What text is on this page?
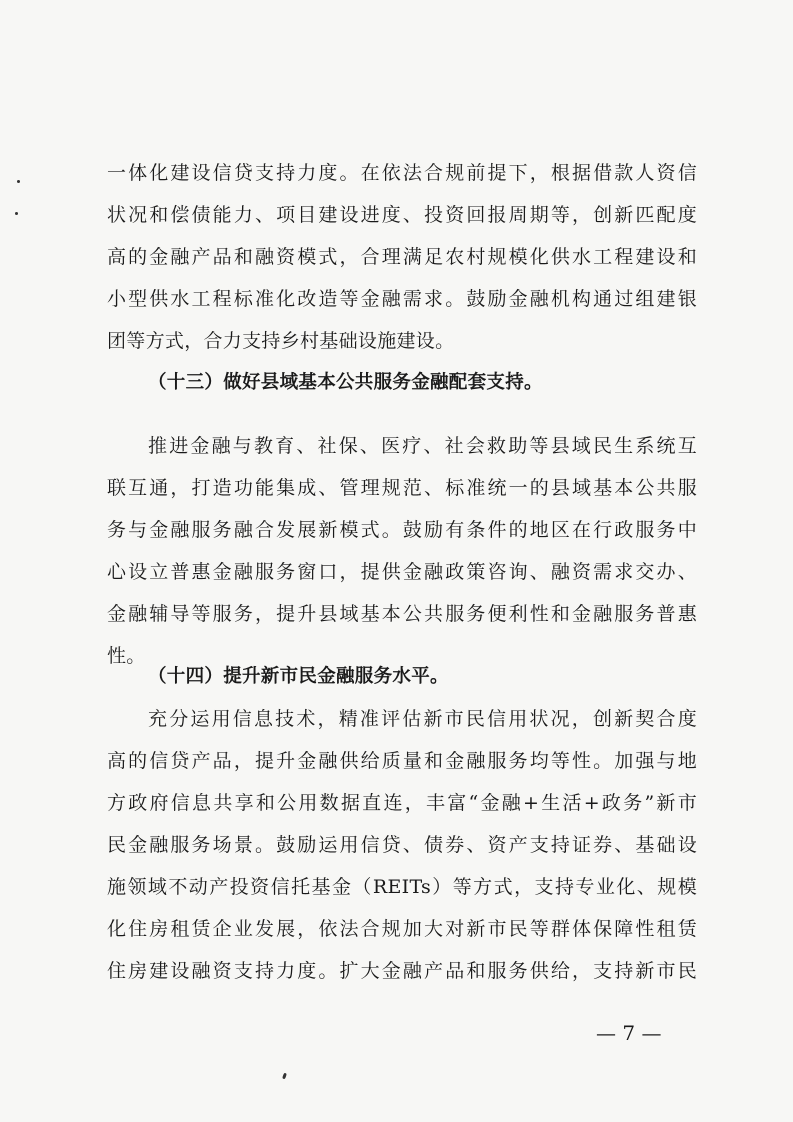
一体化建设信贷支持力度。在依法合规前提下，根据借款人资信
状况和偿债能力、项目建设进度、投资回报周期等，创新匹配度
高的金融产品和融资模式，合理满足农村规模化供水工程建设和
小型供水工程标准化改造等金融需求。鼓励金融机构通过组建银
团等方式，合力支持乡村基础设施建设。
（十三）做好县域基本公共服务金融配套支持。
推进金融与教育、社保、医疗、社会救助等县域民生系统互
联互通，打造功能集成、管理规范、标准统一的县域基本公共服
务与金融服务融合发展新模式。鼓励有条件的地区在行政服务中
心设立普惠金融服务窗口，提供金融政策咨询、融资需求交办、
金融辅导等服务，提升县域基本公共服务便利性和金融服务普惠
性。
（十四）提升新市民金融服务水平。
充分运用信息技术，精准评估新市民信用状况，创新契合度
高的信贷产品，提升金融供给质量和金融服务均等性。加强与地
方政府信息共享和公用数据直连，丰富“金融+生活+政务”新市
民金融服务场景。鼓励运用信贷、债券、资产支持证券、基础设
施领域不动产投资信托基金（REITs）等方式，支持专业化、规模
化住房租赁企业发展，依法合规加大对新市民等群体保障性租赁
住房建设融资支持力度。扩大金融产品和服务供给，支持新市民
— 7 —
